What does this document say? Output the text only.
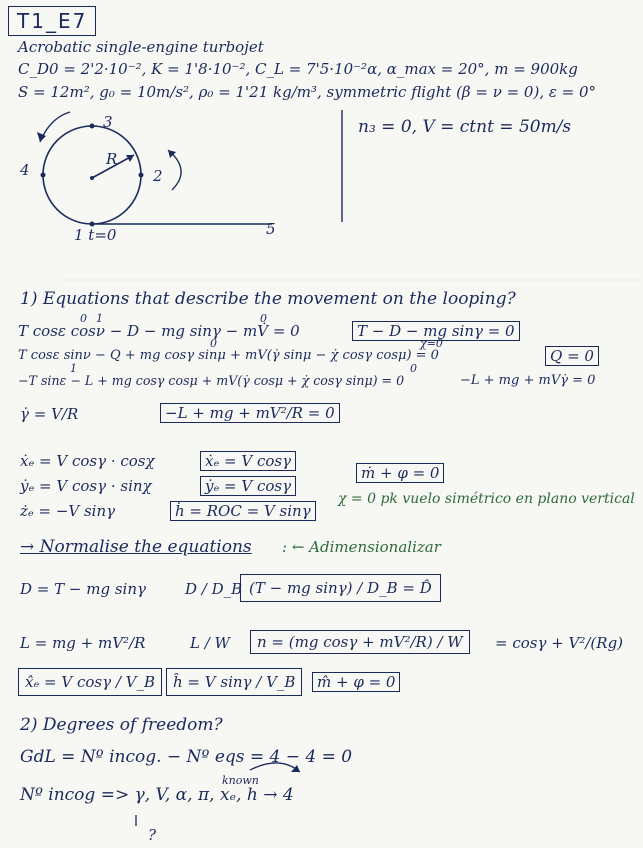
T1_E7
Acrobatic single-engine turbojet
C_D0 = 2'2·10⁻², K = 1'8·10⁻², C_L = 7'5·10⁻²α, α_max = 20°, m = 900kg
S = 12m², g₀ = 10m/s², ρ₀ = 1'21 kg/m³, symmetric flight (β = ν = 0), ε = 0°
3
2
4
1 t=0	5
R
n₃ = 0, V = ctnt = 50m/s
1) Equations that describe the movement on the looping?
0 1	0
T cosε cosν − D − mg sinγ − mV̇ = 0	T − D − mg sinγ = 0
0	χ=0
T cosε sinν − Q + mg cosγ sinμ + mV(γ̇ sinμ − χ̇ cosγ cosμ) = 0	Q = 0
1	0
−T sinε − L + mg cosγ cosμ + mV(γ̇ cosμ + χ̇ cosγ sinμ) = 0	−L + mg + mVγ̇ = 0
γ̇ = V/R	−L + mg + mV²/R = 0
ẋₑ = V cosγ · cosχ	ẋₑ = V cosγ
ṁ + φ = 0
ẏₑ = V cosγ · sinχ	ẏₑ = V cosγ
χ = 0 pk vuelo simétrico en plano vertical
żₑ = −V sinγ	ḣ = ROC = V sinγ
→ Normalise the equations : ← Adimensionalizar
D = T − mg sinγ	D / D_B (T − mg sinγ) / D_B = D̂
L = mg + mV²/R	L / W	n = (mg cosγ + mV²/R) / W	= cosγ + V²/(Rg)
x̂ₑ = V cosγ / V_B	ĥ = V sinγ / V_B	m̂ + φ = 0
2) Degrees of freedom?
GdL = Nº incog. − Nº eqs = 4 − 4 = 0
known
Nº incog => γ, V, α, π, xₑ, h → 4
?
